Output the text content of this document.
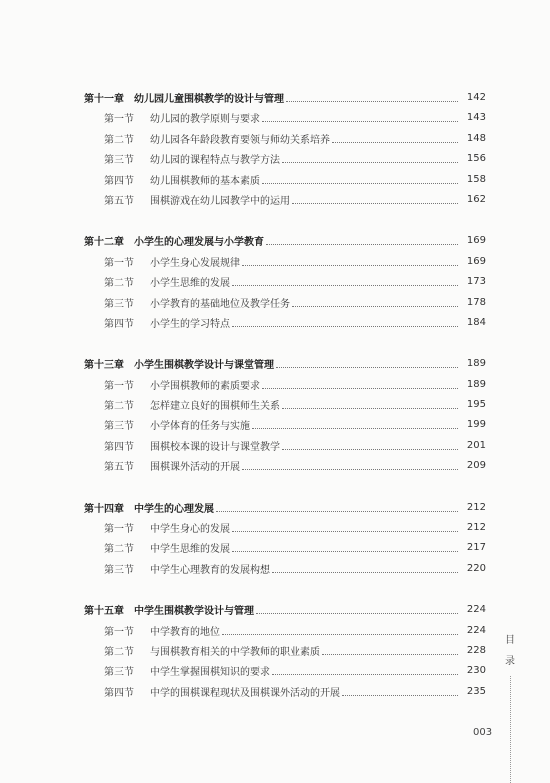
第十一章 幼儿园儿童围棋教学的设计与管理	142
第一节	幼儿园的教学原则与要求	143
第二节	幼儿园各年龄段教育要领与师幼关系培养	148
第三节	幼儿园的课程特点与教学方法	156
第四节	幼儿围棋教师的基本素质	158
第五节	围棋游戏在幼儿园教学中的运用	162
第十二章 小学生的心理发展与小学教育	169
第一节	小学生身心发展规律	169
第二节	小学生思维的发展	173
第三节	小学教育的基础地位及教学任务	178
第四节	小学生的学习特点	184
第十三章 小学生围棋教学设计与课堂管理	189
第一节	小学围棋教师的素质要求	189
第二节	怎样建立良好的围棋师生关系	195
第三节	小学体育的任务与实施	199
第四节	围棋校本课的设计与课堂教学	201
第五节	围棋课外活动的开展	209
第十四章 中学生的心理发展	212
第一节	中学生身心的发展	212
第二节	中学生思维的发展	217
第三节	中学生心理教育的发展构想	220
第十五章 中学生围棋教学设计与管理	224
第一节	中学教育的地位	224
第二节	与围棋教育相关的中学教师的职业素质	228
第三节	中学生掌握围棋知识的要求	230
第四节	中学的围棋课程现状及围棋课外活动的开展	235
目
录
003
